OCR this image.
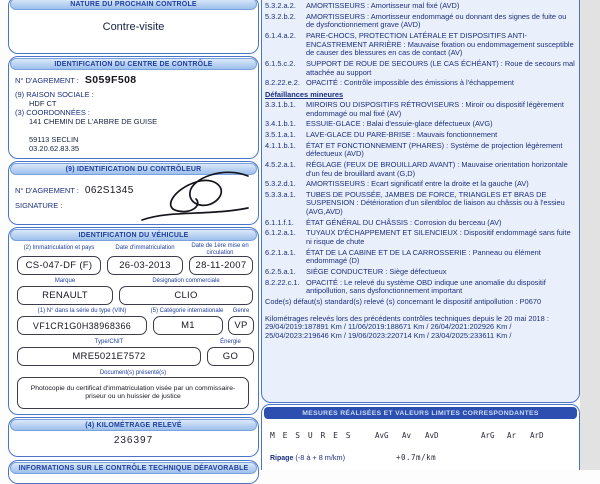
NATURE DU PROCHAIN CONTRÔLE
Contre-visite
IDENTIFICATION DU CENTRE DE CONTRÔLE
N° D'AGREMENT : S059F508
(9) RAISON SOCIALE :
HDF CT
(3) COORDONNÉES :
141 CHEMIN DE L'ARBRE DE GUISE
59113 SECLIN
03.20.62.83.35
(9) IDENTIFICATION DU CONTRÔLEUR
N° D'AGREMENT : 062S1345
SIGNATURE :
IDENTIFICATION DU VÉHICULE
(2) Immatriculation et pays	Date d'immatriculation	Date de 1ère mise en circulation
CS-047-DF (F)	26-03-2013	28-11-2007
Marque	Désignation commerciale
RENAULT	CLIO
(1) N° dans la série du type (VIN)	(5) Catégorie internationale	Genre
VF1CR1G0H38968366	M1	VP
Type/CNIT	Énergie
MRE5021E7572	GO
Document(s) présenté(s)
Photocopie du certificat d'immatriculation visée par un commissaire-priseur ou un huissier de justice
(4) KILOMÉTRAGE RELEVÉ
236397
INFORMATIONS SUR LE CONTRÔLE TECHNIQUE DÉFAVORABLE
5.3.2.a.2.	AMORTISSEURS : Amortisseur mal fixé (AVD)
5.3.2.b.2.	AMORTISSEURS : Amortisseur endommagé ou donnant des signes de fuite ou de dysfonctionnement grave (AVD)
6.1.4.a.2.	PARE-CHOCS, PROTECTION LATÉRALE ET DISPOSITIFS ANTI-ENCASTREMENT ARRIÈRE : Mauvaise fixation ou endommagement susceptible de causer des blessures en cas de contact (AV)
6.1.5.c.2.	SUPPORT DE ROUE DE SECOURS (LE CAS ÉCHÉANT) : Roue de secours mal attachée au support
8.2.22.e.2. OPACITÉ : Contrôle impossible des émissions à l'échappement
Défaillances mineures
3.3.1.b.1.	MIROIRS OU DISPOSITIFS RÉTROVISEURS : Miroir ou dispositif légèrement endommagé ou mal fixé (AV)
3.4.1.b.1.	ESSUIE-GLACE : Balai d'essuie-glace défectueux (AVG)
3.5.1.a.1.	LAVE-GLACE DU PARE-BRISE : Mauvais fonctionnement
4.1.1.b.1.	ÉTAT ET FONCTIONNEMENT (PHARES) : Système de projection légèrement défectueux (AVD)
4.5.2.a.1.	RÉGLAGE (FEUX DE BROUILLARD AVANT) : Mauvaise orientation horizontale d'un feu de brouillard avant (G,D)
5.3.2.d.1.	AMORTISSEURS : Ecart significatif entre la droite et la gauche (AV)
5.3.3.a.1.	TUBES DE POUSSÉE, JAMBES DE FORCE, TRIANGLES ET BRAS DE SUSPENSION : Détérioration d'un silentbloc de liaison au châssis ou à l'essieu (AVG,AVD)
6.1.1.f.1.	ÉTAT GÉNÉRAL DU CHÂSSIS : Corrosion du berceau (AV)
6.1.2.a.1.	TUYAUX D'ÉCHAPPEMENT ET SILENCIEUX : Dispositif endommagé sans fuite ni risque de chute
6.2.1.a.1.	ÉTAT DE LA CABINE ET DE LA CARROSSERIE : Panneau ou élément endommagé (D)
6.2.5.a.1.	SIÈGE CONDUCTEUR : Siège défectueux
8.2.22.c.1. OPACITÉ : Le relevé du système OBD indique une anomalie du dispositif antipollution, sans dysfonctionnement important
Code(s) défaut(s) standard(s) relevé (s) concernant le dispositif antipollution : P0670
Kilométrages relevés lors des précédents contrôles techniques depuis le 20 mai 2018 : 29/04/2019:187891 Km / 11/06/2019:188671 Km / 26/04/2021:202926 Km / 25/04/2023:219646 Km / 19/06/2023:220714 Km / 23/04/2025:233611 Km /
MESURES RÉALISÉES ET VALEURS LIMITES CORRESPONDANTES
M E S U R E S	AvG Av AvD	ArG Ar ArD
Ripage (-8 à + 8 m/km)	+0.7m/km
